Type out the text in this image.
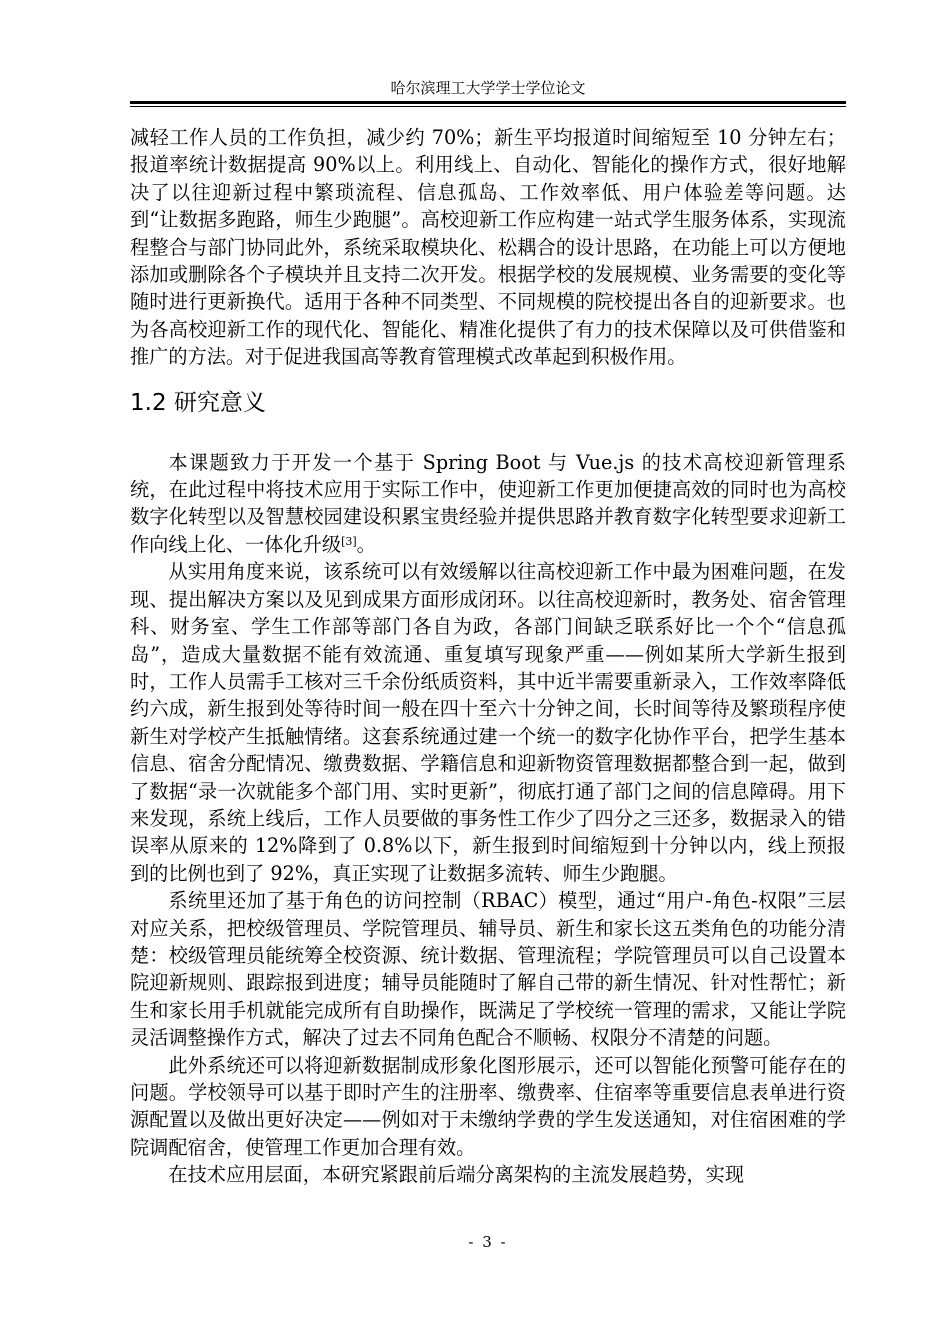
哈尔滨理工大学学士学位论文

减轻工作人员的工作负担，减少约 70%；新生平均报道时间缩短至 10 分钟左右；报道率统计数据提高 90%以上。利用线上、自动化、智能化的操作方式，很好地解决了以往迎新过程中繁琐流程、信息孤岛、工作效率低、用户体验差等问题。达到“让数据多跑路，师生少跑腿”。高校迎新工作应构建一站式学生服务体系，实现流程整合与部门协同此外，系统采取模块化、松耦合的设计思路，在功能上可以方便地添加或删除各个子模块并且支持二次开发。根据学校的发展规模、业务需要的变化等随时进行更新换代。适用于各种不同类型、不同规模的院校提出各自的迎新要求。也为各高校迎新工作的现代化、智能化、精准化提供了有力的技术保障以及可供借鉴和推广的方法。对于促进我国高等教育管理模式改革起到积极作用。

1.2 研究意义

本课题致力于开发一个基于 Spring Boot 与 Vue.js 的技术高校迎新管理系统，在此过程中将技术应用于实际工作中，使迎新工作更加便捷高效的同时也为高校数字化转型以及智慧校园建设积累宝贵经验并提供思路并教育数字化转型要求迎新工作向线上化、一体化升级[3]。

从实用角度来说，该系统可以有效缓解以往高校迎新工作中最为困难问题，在发现、提出解决方案以及见到成果方面形成闭环。以往高校迎新时，教务处、宿舍管理科、财务室、学生工作部等部门各自为政，各部门间缺乏联系好比一个个“信息孤岛”，造成大量数据不能有效流通、重复填写现象严重——例如某所大学新生报到时，工作人员需手工核对三千余份纸质资料，其中近半需要重新录入，工作效率降低约六成，新生报到处等待时间一般在四十至六十分钟之间，长时间等待及繁琐程序使新生对学校产生抵触情绪。这套系统通过建一个统一的数字化协作平台，把学生基本信息、宿舍分配情况、缴费数据、学籍信息和迎新物资管理数据都整合到一起，做到了数据“录一次就能多个部门用、实时更新”，彻底打通了部门之间的信息障碍。用下来发现，系统上线后，工作人员要做的事务性工作少了四分之三还多，数据录入的错误率从原来的 12%降到了 0.8%以下，新生报到时间缩短到十分钟以内，线上预报到的比例也到了 92%，真正实现了让数据多流转、师生少跑腿。

系统里还加了基于角色的访问控制（RBAC）模型，通过“用户-角色-权限”三层对应关系，把校级管理员、学院管理员、辅导员、新生和家长这五类角色的功能分清楚：校级管理员能统筹全校资源、统计数据、管理流程；学院管理员可以自己设置本院迎新规则、跟踪报到进度；辅导员能随时了解自己带的新生情况、针对性帮忙；新生和家长用手机就能完成所有自助操作，既满足了学校统一管理的需求，又能让学院灵活调整操作方式，解决了过去不同角色配合不顺畅、权限分不清楚的问题。

此外系统还可以将迎新数据制成形象化图形展示，还可以智能化预警可能存在的问题。学校领导可以基于即时产生的注册率、缴费率、住宿率等重要信息表单进行资源配置以及做出更好决定——例如对于未缴纳学费的学生发送通知，对住宿困难的学院调配宿舍，使管理工作更加合理有效。

在技术应用层面，本研究紧跟前后端分离架构的主流发展趋势，实现

- 3 -
